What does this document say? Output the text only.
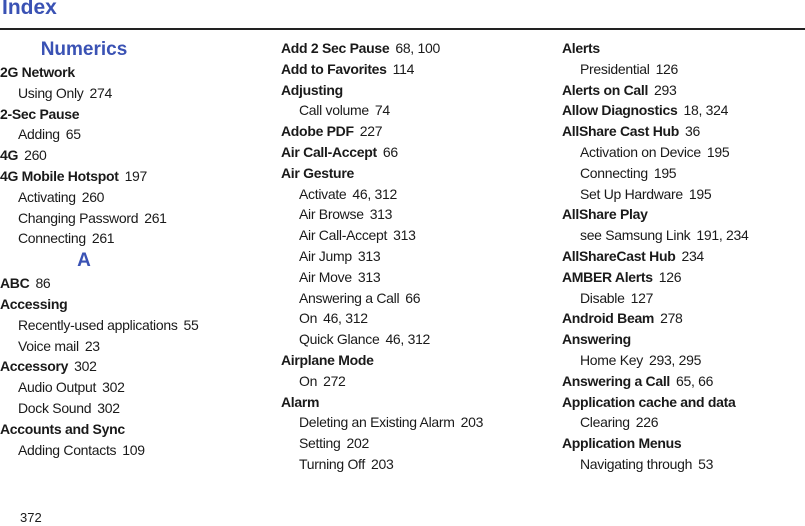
Index
Numerics
2G Network
Using Only 274
2-Sec Pause
Adding 65
4G 260
4G Mobile Hotspot 197
Activating 260
Changing Password 261
Connecting 261
A
ABC 86
Accessing
Recently-used applications 55
Voice mail 23
Accessory 302
Audio Output 302
Dock Sound 302
Accounts and Sync
Adding Contacts 109
Add 2 Sec Pause 68, 100
Add to Favorites 114
Adjusting
Call volume 74
Adobe PDF 227
Air Call-Accept 66
Air Gesture
Activate 46, 312
Air Browse 313
Air Call-Accept 313
Air Jump 313
Air Move 313
Answering a Call 66
On 46, 312
Quick Glance 46, 312
Airplane Mode
On 272
Alarm
Deleting an Existing Alarm 203
Setting 202
Turning Off 203
Alerts
Presidential 126
Alerts on Call 293
Allow Diagnostics 18, 324
AllShare Cast Hub 36
Activation on Device 195
Connecting 195
Set Up Hardware 195
AllShare Play
see Samsung Link 191, 234
AllShareCast Hub 234
AMBER Alerts 126
Disable 127
Android Beam 278
Answering
Home Key 293, 295
Answering a Call 65, 66
Application cache and data
Clearing 226
Application Menus
Navigating through 53
372
